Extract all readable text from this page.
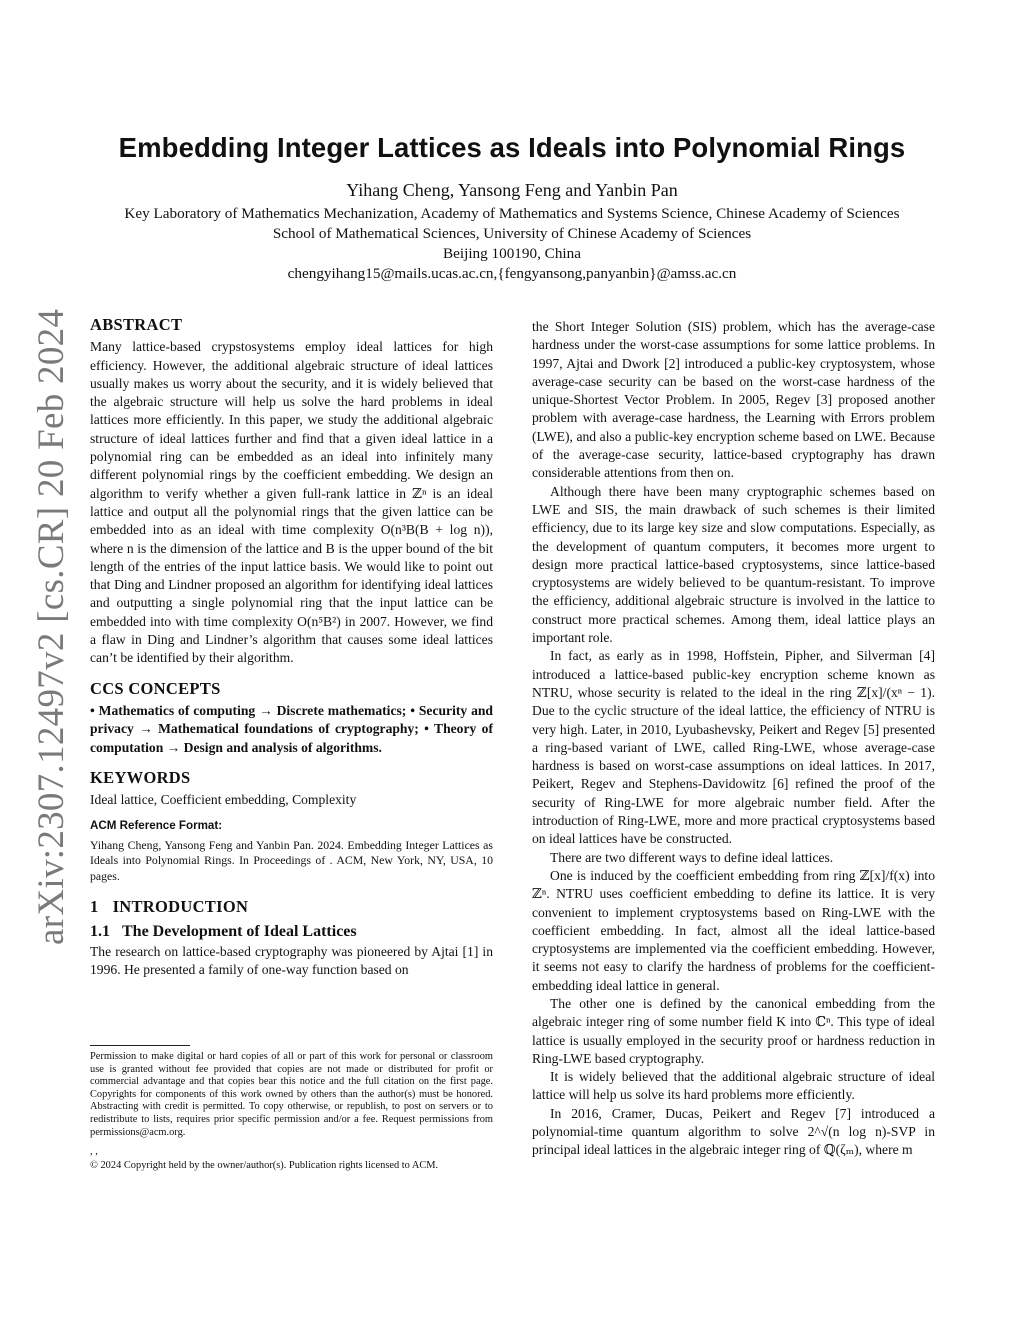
arXiv:2307.12497v2 [cs.CR] 20 Feb 2024
Embedding Integer Lattices as Ideals into Polynomial Rings
Yihang Cheng, Yansong Feng and Yanbin Pan
Key Laboratory of Mathematics Mechanization, Academy of Mathematics and Systems Science, Chinese Academy of Sciences
School of Mathematical Sciences, University of Chinese Academy of Sciences
Beijing 100190, China
chengyihang15@mails.ucas.ac.cn,{fengyansong,panyanbin}@amss.ac.cn
ABSTRACT

Many lattice-based crypstosystems employ ideal lattices for high efficiency. However, the additional algebraic structure of ideal lattices usually makes us worry about the security, and it is widely believed that the algebraic structure will help us solve the hard problems in ideal lattices more efficiently. In this paper, we study the additional algebraic structure of ideal lattices further and find that a given ideal lattice in a polynomial ring can be embedded as an ideal into infinitely many different polynomial rings by the coefficient embedding. We design an algorithm to verify whether a given full-rank lattice in ℤⁿ is an ideal lattice and output all the polynomial rings that the given lattice can be embedded into as an ideal with time complexity O(n³B(B + log n)), where n is the dimension of the lattice and B is the upper bound of the bit length of the entries of the input lattice basis. We would like to point out that Ding and Lindner proposed an algorithm for identifying ideal lattices and outputting a single polynomial ring that the input lattice can be embedded into with time complexity O(n⁵B²) in 2007. However, we find a flaw in Ding and Lindner’s algorithm that causes some ideal lattices can’t be identified by their algorithm.

CCS CONCEPTS

• Mathematics of computing → Discrete mathematics; • Security and privacy → Mathematical foundations of cryptography; • Theory of computation → Design and analysis of algorithms.

KEYWORDS

Ideal lattice, Coefficient embedding, Complexity

ACM Reference Format:
Yihang Cheng, Yansong Feng and Yanbin Pan. 2024. Embedding Integer Lattices as Ideals into Polynomial Rings. In Proceedings of . ACM, New York, NY, USA, 10 pages.
1 INTRODUCTION
1.1 The Development of Ideal Lattices

The research on lattice-based cryptography was pioneered by Ajtai [1] in 1996. He presented a family of one-way function based on

Permission to make digital or hard copies of all or part of this work for personal or classroom use is granted without fee provided that copies are not made or distributed for profit or commercial advantage and that copies bear this notice and the full citation on the first page. Copyrights for components of this work owned by others than the author(s) must be honored. Abstracting with credit is permitted. To copy otherwise, or republish, to post on servers or to redistribute to lists, requires prior specific permission and/or a fee. Request permissions from permissions@acm.org.
, ,
© 2024 Copyright held by the owner/author(s). Publication rights licensed to ACM.

the Short Integer Solution (SIS) problem, which has the average-case hardness under the worst-case assumptions for some lattice problems. In 1997, Ajtai and Dwork [2] introduced a public-key cryptosystem, whose average-case security can be based on the worst-case hardness of the unique-Shortest Vector Problem. In 2005, Regev [3] proposed another problem with average-case hardness, the Learning with Errors problem (LWE), and also a public-key encryption scheme based on LWE. Because of the average-case security, lattice-based cryptography has drawn considerable attentions from then on.

Although there have been many cryptographic schemes based on LWE and SIS, the main drawback of such schemes is their limited efficiency, due to its large key size and slow computations. Especially, as the development of quantum computers, it becomes more urgent to design more practical lattice-based cryptosystems, since lattice-based cryptosystems are widely believed to be quantum-resistant. To improve the efficiency, additional algebraic structure is involved in the lattice to construct more practical schemes. Among them, ideal lattice plays an important role.

In fact, as early as in 1998, Hoffstein, Pipher, and Silverman [4] introduced a lattice-based public-key encryption scheme known as NTRU, whose security is related to the ideal in the ring ℤ[x]/(xⁿ − 1). Due to the cyclic structure of the ideal lattice, the efficiency of NTRU is very high. Later, in 2010, Lyubashevsky, Peikert and Regev [5] presented a ring-based variant of LWE, called Ring-LWE, whose average-case hardness is based on worst-case assumptions on ideal lattices. In 2017, Peikert, Regev and Stephens-Davidowitz [6] refined the proof of the security of Ring-LWE for more algebraic number field. After the introduction of Ring-LWE, more and more practical cryptosystems based on ideal lattices have be constructed.

There are two different ways to define ideal lattices.

One is induced by the coefficient embedding from ring ℤ[x]/f(x) into ℤⁿ. NTRU uses coefficient embedding to define its lattice. It is very convenient to implement cryptosystems based on Ring-LWE with the coefficient embedding. In fact, almost all the ideal lattice-based cryptosystems are implemented via the coefficient embedding. However, it seems not easy to clarify the hardness of problems for the coefficient-embedding ideal lattice in general.

The other one is defined by the canonical embedding from the algebraic integer ring of some number field K into ℂⁿ. This type of ideal lattice is usually employed in the security proof or hardness reduction in Ring-LWE based cryptography.

It is widely believed that the additional algebraic structure of ideal lattice will help us solve its hard problems more efficiently.

In 2016, Cramer, Ducas, Peikert and Regev [7] introduced a polynomial-time quantum algorithm to solve 2^√(n log n)-SVP in principal ideal lattices in the algebraic integer ring of ℚ(ζₘ), where m
